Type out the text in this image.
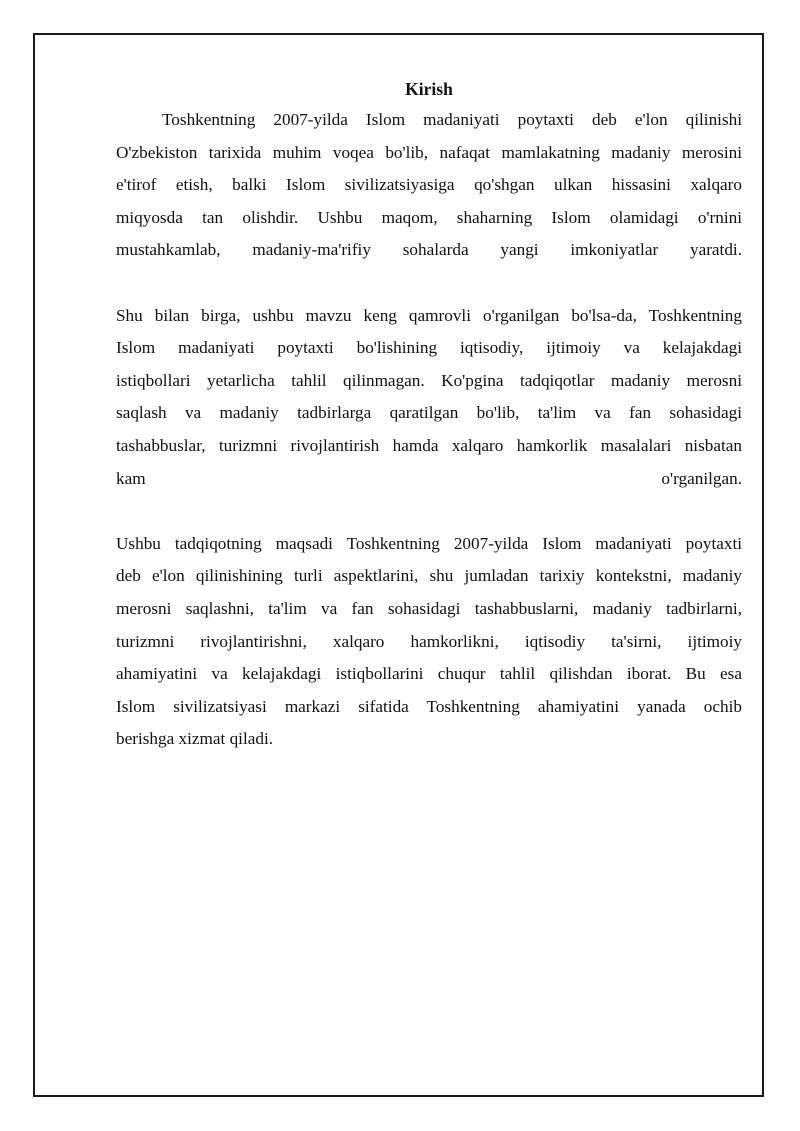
Kirish
Toshkentning 2007-yilda Islom madaniyati poytaxti deb e'lon qilinishi
O'zbekiston tarixida muhim voqea bo'lib, nafaqat mamlakatning madaniy merosini
e'tirof etish, balki Islom sivilizatsiyasiga qo'shgan ulkan hissasini xalqaro
miqyosda tan olishdir. Ushbu maqom, shaharning Islom olamidagi o'rnini
mustahkamlab, madaniy-ma'rifiy sohalarda yangi imkoniyatlar yaratdi.
Shu bilan birga, ushbu mavzu keng qamrovli o'rganilgan bo'lsa-da, Toshkentning
Islom madaniyati poytaxti bo'lishining iqtisodiy, ijtimoiy va kelajakdagi
istiqbollari yetarlicha tahlil qilinmagan. Ko'pgina tadqiqotlar madaniy merosni
saqlash va madaniy tadbirlarga qaratilgan bo'lib, ta'lim va fan sohasidagi
tashabbuslar, turizmni rivojlantirish hamda xalqaro hamkorlik masalalari nisbatan
kam o'rganilgan.
Ushbu tadqiqotning maqsadi Toshkentning 2007-yilda Islom madaniyati poytaxti
deb e'lon qilinishining turli aspektlarini, shu jumladan tarixiy kontekstni, madaniy
merosni saqlashni, ta'lim va fan sohasidagi tashabbuslarni, madaniy tadbirlarni,
turizmni rivojlantirishni, xalqaro hamkorlikni, iqtisodiy ta'sirni, ijtimoiy
ahamiyatini va kelajakdagi istiqbollarini chuqur tahlil qilishdan iborat. Bu esa
Islom sivilizatsiyasi markazi sifatida Toshkentning ahamiyatini yanada ochib
berishga xizmat qiladi.
